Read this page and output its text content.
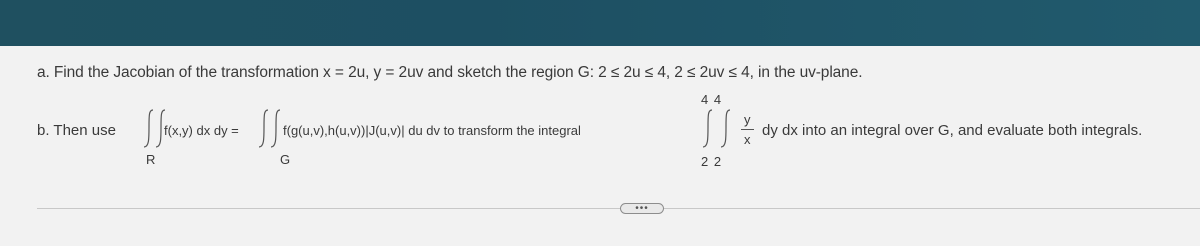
a. Find the Jacobian of the transformation x = 2u, y = 2uv and sketch the region G: 2 ≤ 2u ≤ 4, 2 ≤ 2uv ≤ 4, in the uv-plane.
b. Then use	f(x,y) dx dy =
R
f(g(u,v),h(u,v))|J(u,v)| du dv to transform the integral
G
4 4
2 2
y
x
dy dx into an integral over G, and evaluate both integrals.
•••
